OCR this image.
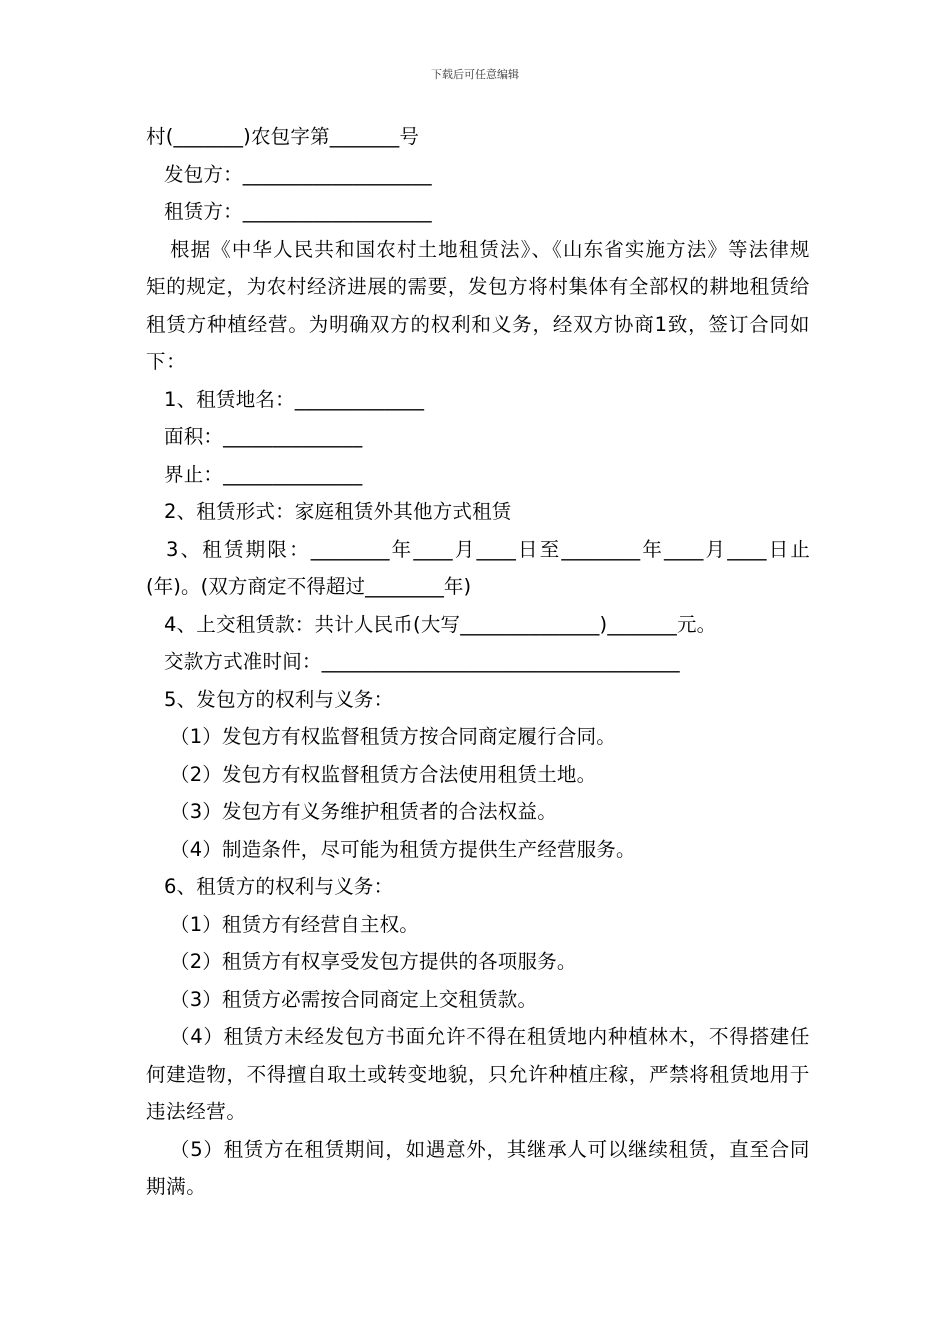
下载后可任意编辑
村(_______)农包字第_______号
发包方：___________________
租赁方：___________________
根据《中华人民共和国农村土地租赁法》、《山东省实施方法》等法律规矩的规定，为农村经济进展的需要，发包方将村集体有全部权的耕地租赁给租赁方种植经营。为明确双方的权利和义务，经双方协商1致，签订合同如下：
1、租赁地名：_____________
面积：______________
界止：______________
2、租赁形式：家庭租赁外其他方式租赁
3、租赁期限：________年____月____日至________年____月____日止(年)。(双方商定不得超过________年)
4、上交租赁款：共计人民币(大写______________)_______元。
交款方式准时间：____________________________________
5、发包方的权利与义务：
（1）发包方有权监督租赁方按合同商定履行合同。
（2）发包方有权监督租赁方合法使用租赁土地。
（3）发包方有义务维护租赁者的合法权益。
（4）制造条件，尽可能为租赁方提供生产经营服务。
6、租赁方的权利与义务：
（1）租赁方有经营自主权。
（2）租赁方有权享受发包方提供的各项服务。
（3）租赁方必需按合同商定上交租赁款。
（4）租赁方未经发包方书面允许不得在租赁地内种植林木，不得搭建任何建造物，不得擅自取土或转变地貌，只允许种植庄稼，严禁将租赁地用于违法经营。
（5）租赁方在租赁期间，如遇意外，其继承人可以继续租赁，直至合同期满。
